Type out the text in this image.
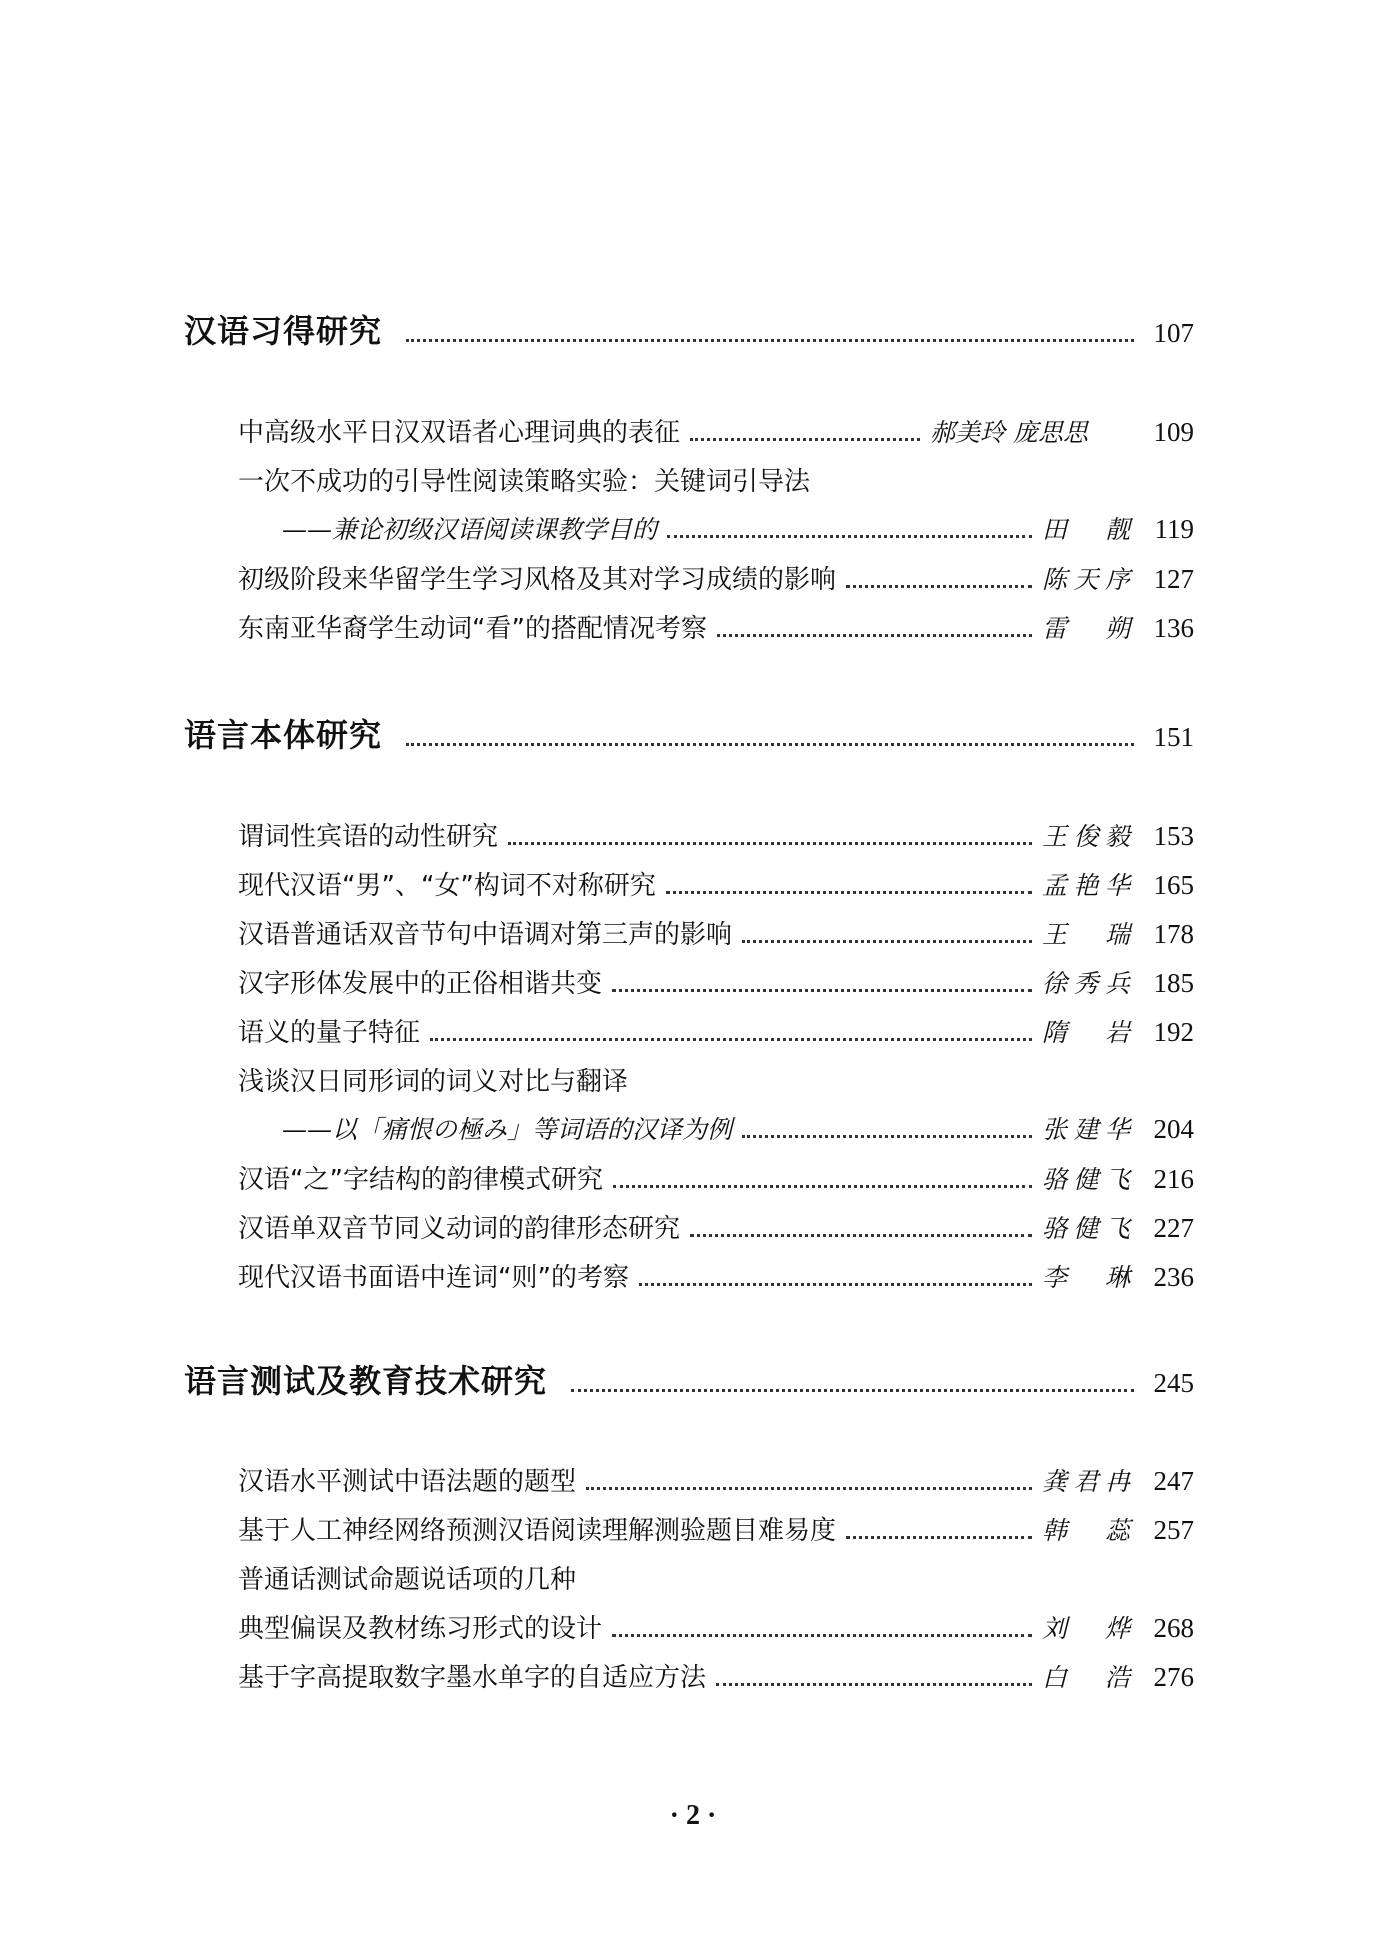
汉语习得研究	107
中高级水平日汉双语者心理词典的表征	郝美玲 庞思思	109
一次不成功的引导性阅读策略实验：关键词引导法
——兼论初级汉语阅读课教学目的	田靓 119
初级阶段来华留学生学习风格及其对学习成绩的影响	陈天序 127
东南亚华裔学生动词“看”的搭配情况考察	雷朔 136
语言本体研究	151
谓词性宾语的动性研究	王俊毅 153
现代汉语“男”、“女”构词不对称研究	孟艳华 165
汉语普通话双音节句中语调对第三声的影响	王瑞 178
汉字形体发展中的正俗相谐共变	徐秀兵 185
语义的量子特征	隋岩 192
浅谈汉日同形词的词义对比与翻译
——以「痛恨の極み」等词语的汉译为例	张建华 204
汉语“之”字结构的韵律模式研究	骆健飞 216
汉语单双音节同义动词的韵律形态研究	骆健飞 227
现代汉语书面语中连词“则”的考察	李琳 236
语言测试及教育技术研究	245
汉语水平测试中语法题的题型	龚君冉 247
基于人工神经网络预测汉语阅读理解测验题目难易度	韩蕊 257
普通话测试命题说话项的几种
典型偏误及教材练习形式的设计	刘烨 268
基于字高提取数字墨水单字的自适应方法	白浩 276
· 2 ·
